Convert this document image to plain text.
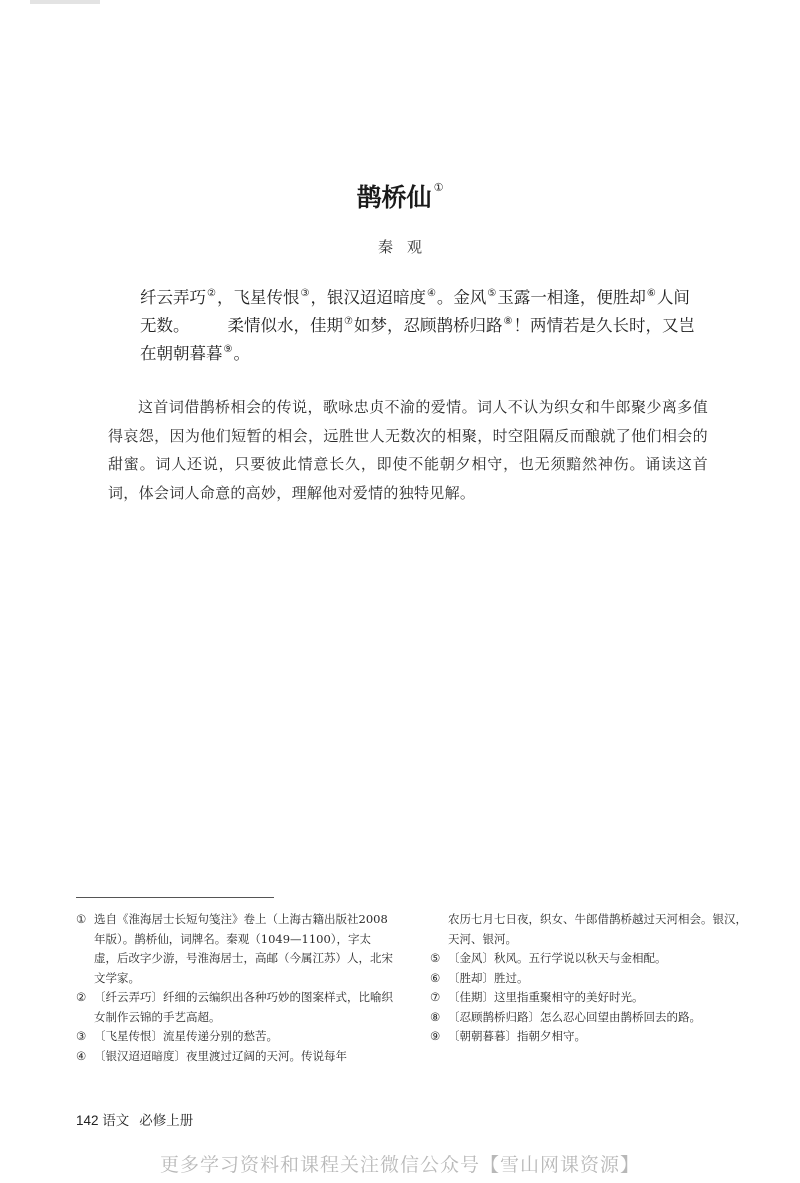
鹊桥仙 ①
秦观
纤云弄巧②，飞星传恨③，银汉迢迢暗度④。金风⑤玉露一相逢，便胜却⑥人间无数。 柔情似水，佳期⑦如梦，忍顾鹊桥归路⑧！两情若是久长时，又岂在朝朝暮暮⑨。
这首词借鹊桥相会的传说，歌咏忠贞不渝的爱情。词人不认为织女和牛郎聚少离多值得哀怨，因为他们短暂的相会，远胜世人无数次的相聚，时空阻隔反而酿就了他们相会的甜蜜。词人还说，只要彼此情意长久，即使不能朝夕相守，也无须黯然神伤。诵读这首词，体会词人命意的高妙，理解他对爱情的独特见解。
① 选自《淮海居士长短句笺注》卷上（上海古籍出版社2008年版）。鹊桥仙，词牌名。秦观（1049—1100），字太虚，后改字少游，号淮海居士，高邮（今属江苏）人，北宋文学家。
② 〔纤云弄巧〕纤细的云编织出各种巧妙的图案样式，比喻织女制作云锦的手艺高超。
③ 〔飞星传恨〕流星传递分别的愁苦。
④ 〔银汉迢迢暗度〕夜里渡过辽阔的天河。传说每年
农历七月七日夜，织女、牛郎借鹊桥越过天河相会。银汉，天河、银河。
⑤ 〔金风〕秋风。五行学说以秋天与金相配。
⑥ 〔胜却〕胜过。
⑦ 〔佳期〕这里指重聚相守的美好时光。
⑧ 〔忍顾鹊桥归路〕怎么忍心回望由鹊桥回去的路。
⑨ 〔朝朝暮暮〕指朝夕相守。
142 语文 必修上册
更多学习资料和课程关注微信公众号【雪山网课资源】
